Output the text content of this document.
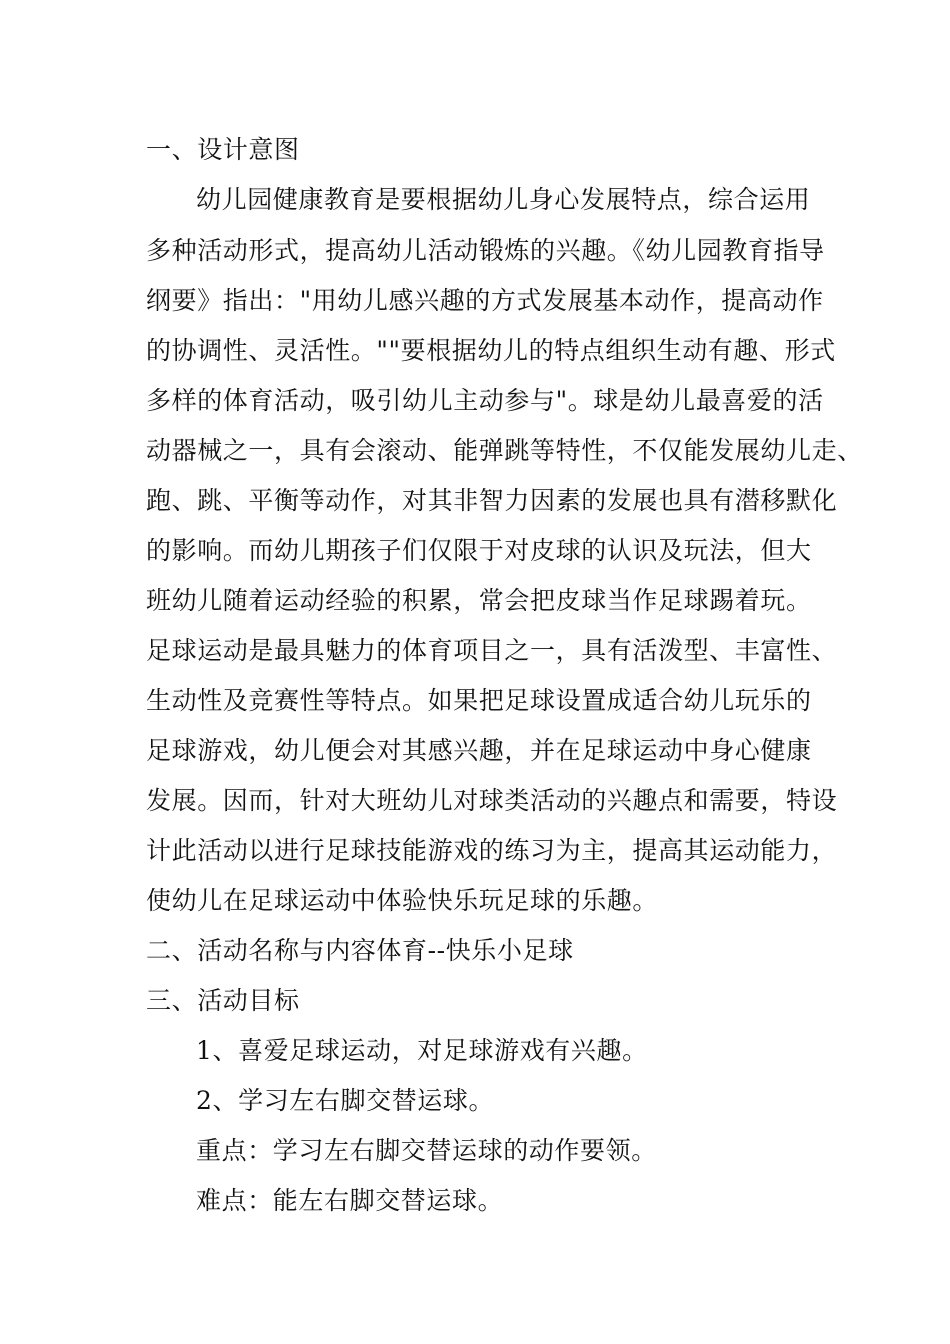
一、设计意图
幼儿园健康教育是要根据幼儿身心发展特点，综合运用
多种活动形式，提高幼儿活动锻炼的兴趣。《幼儿园教育指导
纲要》指出："用幼儿感兴趣的方式发展基本动作，提高动作
的协调性、灵活性。""要根据幼儿的特点组织生动有趣、形式
多样的体育活动，吸引幼儿主动参与"。球是幼儿最喜爱的活
动器械之一，具有会滚动、能弹跳等特性，不仅能发展幼儿走、
跑、跳、平衡等动作，对其非智力因素的发展也具有潜移默化
的影响。而幼儿期孩子们仅限于对皮球的认识及玩法，但大
班幼儿随着运动经验的积累，常会把皮球当作足球踢着玩。
足球运动是最具魅力的体育项目之一，具有活泼型、丰富性、
生动性及竞赛性等特点。如果把足球设置成适合幼儿玩乐的
足球游戏，幼儿便会对其感兴趣，并在足球运动中身心健康
发展。因而，针对大班幼儿对球类活动的兴趣点和需要，特设
计此活动以进行足球技能游戏的练习为主，提高其运动能力，
使幼儿在足球运动中体验快乐玩足球的乐趣。
二、活动名称与内容体育--快乐小足球
三、活动目标
1、喜爱足球运动，对足球游戏有兴趣。
2、学习左右脚交替运球。
重点：学习左右脚交替运球的动作要领。
难点：能左右脚交替运球。
